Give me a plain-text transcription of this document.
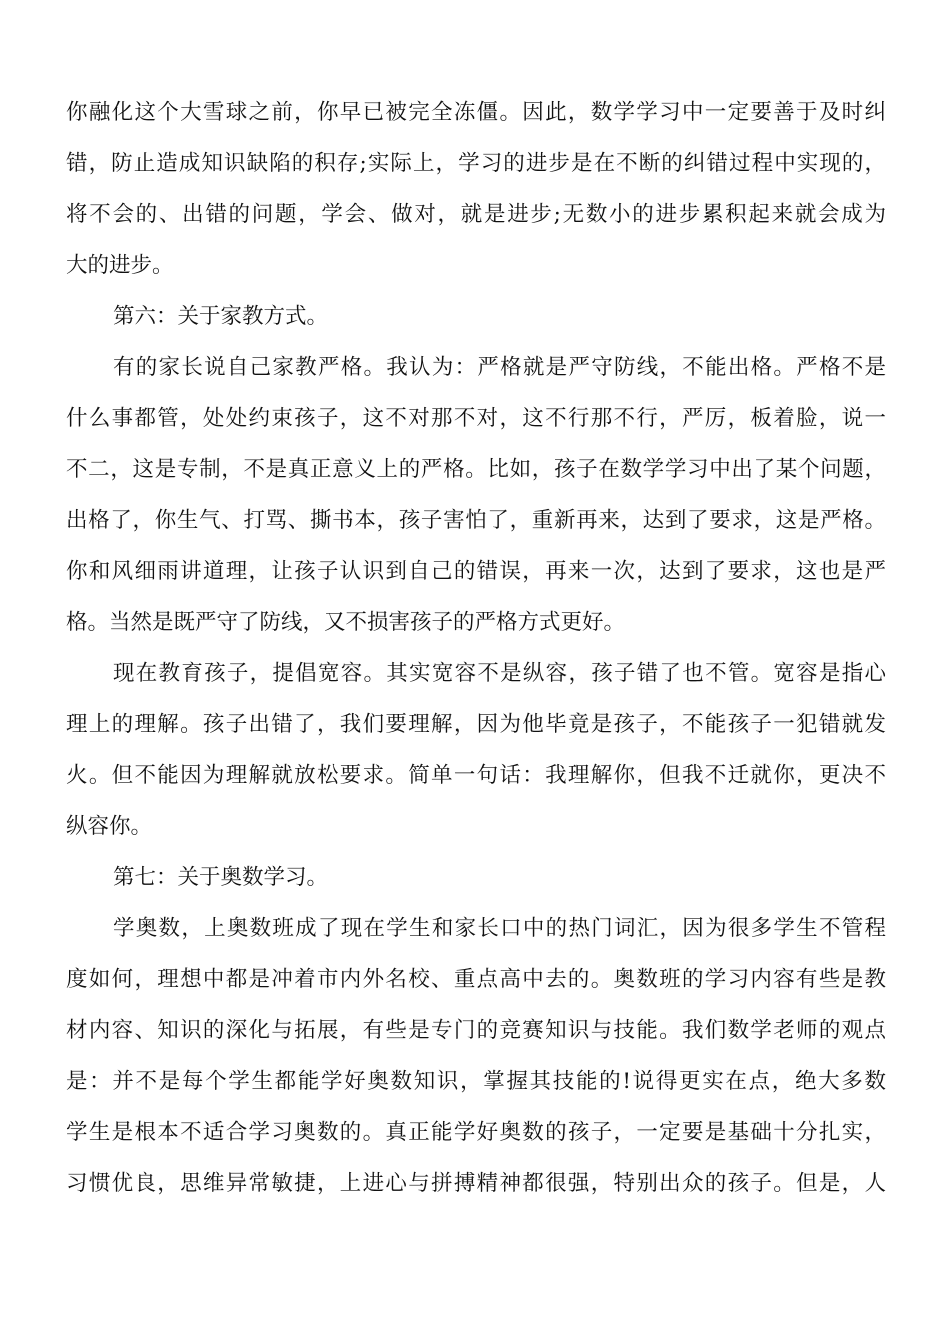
你融化这个大雪球之前，你早已被完全冻僵。因此，数学学习中一定要善于及时纠
错，防止造成知识缺陷的积存;实际上，学习的进步是在不断的纠错过程中实现的，
将不会的、出错的问题，学会、做对，就是进步;无数小的进步累积起来就会成为
大的进步。
第六：关于家教方式。
有的家长说自己家教严格。我认为：严格就是严守防线，不能出格。严格不是
什么事都管，处处约束孩子，这不对那不对，这不行那不行，严厉，板着脸，说一
不二，这是专制，不是真正意义上的严格。比如，孩子在数学学习中出了某个问题，
出格了，你生气、打骂、撕书本，孩子害怕了，重新再来，达到了要求，这是严格。
你和风细雨讲道理，让孩子认识到自己的错误，再来一次，达到了要求，这也是严
格。当然是既严守了防线，又不损害孩子的严格方式更好。
现在教育孩子，提倡宽容。其实宽容不是纵容，孩子错了也不管。宽容是指心
理上的理解。孩子出错了，我们要理解，因为他毕竟是孩子，不能孩子一犯错就发
火。但不能因为理解就放松要求。简单一句话：我理解你，但我不迁就你，更决不
纵容你。
第七：关于奥数学习。
学奥数，上奥数班成了现在学生和家长口中的热门词汇，因为很多学生不管程
度如何，理想中都是冲着市内外名校、重点高中去的。奥数班的学习内容有些是教
材内容、知识的深化与拓展，有些是专门的竞赛知识与技能。我们数学老师的观点
是：并不是每个学生都能学好奥数知识，掌握其技能的!说得更实在点，绝大多数
学生是根本不适合学习奥数的。真正能学好奥数的孩子，一定要是基础十分扎实，
习惯优良，思维异常敏捷，上进心与拼搏精神都很强，特别出众的孩子。但是，人
